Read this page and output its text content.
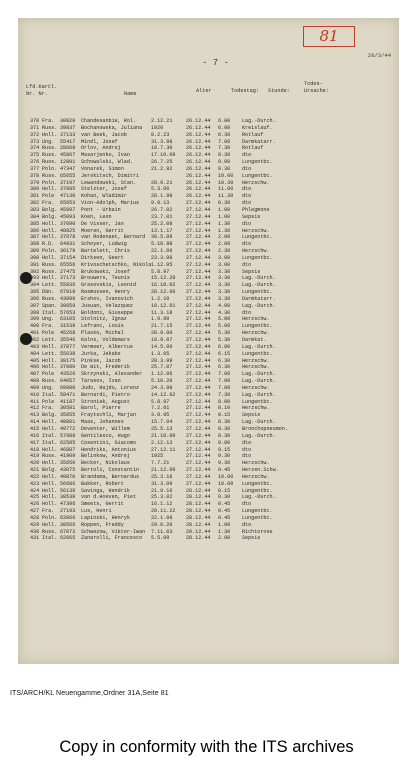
81
- 7 -
26/3/44
Lfd.Kartl.
Nr. Nr.	Name	Alter	Todestag: Stunde:
Todes-
Ursache:
370 Fra.	30820	Chandesanbie, Rol.	2.12.21	26.12.44	6.00	Lag.-Durch.
371 Russ. 39837	Bochanowska, Juliana	1920	26.12.44	6.00	Kreislauf.
372 Holl. 37133	van Beek, Jacob	8.2.23	26.12.44	6.30	Rotlauf
373 Ung.	55417	Mindl, Josef	31.3.98	26.12.44	7.00	Darmkatarr.
374 Russ. 28669	Orlov, Andrej	18.7.30	26.12.44	7.30	Rotlauf
375 Russ. 45867	Masarjenko, Ivan	17.10.09	26.12.44	8.30	dto
376 Russ. 12801	Schowalski, Wlad.	26.7.25	26.12.44	9.00	Lungentbc.
377 Poln. 47347	Vonarek, Simon	21.2.92	26.12.44	9.30	dto
378 Russ. 65655	Jerskitsch, Dimitri	26.12.44	10.00	Lungentbc.
379 Poln. 37197	Lewandowski, Stan.	28.9.21	26.12.44	10.30	Herzschw.
380 Holl. 37085	Stelzter, Jozef	5.3.06	26.12.44	11.00	dto
381 Pole	47130	Kohan, Wladimir	28.1.98	26.12.44	11.30	dto
382 Fra.	65653	Vion-Adolph, Marius	9.9.13	27.12.44	0.30	dto
383 Bolg. 45097	Pont - Urbain	26.7.02	27.12.44	1.00	Phlegmone
384 Bolg. 45093	Koen, Leon	23.7.01	27.12.44	1.00	Sepsis
385 Holl. 37090	De Visser, Jan	25.2.08	27.12.44	1.30	dto
386 Holl. 48825	Moeren, Gerrit	13.1.17	27.12.44	1.30	Herzschw.
387 Holl. 37078	van Rodenaet, Bernard	30.5.09	27.12.44	2.00	Lungentbc.
388 R.D.	64931	Schoyer, Ludwig	5.10.88	27.12.44	2.00	dto
389 Poln. 36179	Bartelett, Chris	22.1.06	27.12.44	2.30	Herzschw.
390 Holl. 37154	Dirksen, Geert	23.3.98	27.12.44	3.00	Lungentbc.
391 Russ. 65556	Krivoschetschko, Nikola 1.12.05	27.12.44	3.00	dto
392 Russ. 27475	Brukowski, Josef	5.8.97	27.12.44	3.30	Sepsis
393 Holl. 37173	Brouwers, Teunis	15.12.20	27.12.44	3.30	Lag.-Durch.
394 Lett. 55836	Grasovskis, Leonid	16.10.02	27.12.44	3.30	Lag.-Durch.
395 Dän.	67019	Rasmussen, Henry	28.12.06	27.12.44	3.30	Lungentbc.
396 Russ. 43099	Ershov, Ivanovich	1.2.10	27.12.44	3.30	Darmkatarr.
397 Span. 39659	Jusuan, Velazquez	10.12.01	27.12.44	4.00	Lag.-Durch.
398 Ital. 57653	Boldoni, Giuseppe	11.3.18	27.12.44	4.30	dto
399 Ung.	63105	Stolnitz, Ignaz	1.9.99	27.12.44	5.00	Herzschw.
400 Fra.	31539	Lefranc, Louis	21.7.15	27.12.44	5.00	Lungentbc.
401 Pole	45268	Plasko, Michal	28.9.00	27.12.44	5.30	Herzschw.
402 Lett. 35546	Kalns, Voldemars	10.9.07	27.12.44	5.30	Darmkat.
403 Holl. 37077	Vermeer, Albertus	14.5.00	27.12.44	6.00	Lag.-Durch.
404 Lett. 55638	Jurka, Jekabs	1.3.05	27.12.44	6.15	Lungentbc.
405 Holl. 38175	Pinkse, Jacob	28.3.99	27.12.44	6.30	Herzschw.
406 Holl. 37080	De Wit, Frederik	25.7.07	27.12.44	6.30	Herzschw.
407 Pole	43526	Skrzynski, Alexander	1.12.06	27.12.44	7.00	Lag.-Durch.
408 Russ. 64057	Tarasov, Ivan	5.10.20	27.12.44	7.00	Lag.-Durch.
409 Ung.	69080	Judo, Hajdu, Lorenz	24.3.98	27.12.44	7.00	Herzschw.
410 Ital. 58471	Bernardi, Pietro	14.12.02	27.12.44	7.30	Lag.-Durch.
411 Pole	41187	Stroniak, August	5.8.97	27.12.44	8.00	Lungentbc.
412 Fra.	30581	Barol, Pierre	7.2.01	27.12.44	8.10	Herzschw.
413 Bolg. 35855	Fraytschli, Marjan	3.8.95	27.12.44	8.15	Sepsis
414 Holl. 48801	Maas, Johannes	15.7.04	27.12.44	8.30	Lag.-Durch.
415 Holl. 49772	Deventer, Willem	25.5.13	27.12.44	8.30	Bronchopneumon.
416 Ital. 57988	Gentilesco, Hugo	21.10.00	27.12.44	8.30	Lag.-Durch.
417 Ital. 62585	Cosentini, Giacomo	2.12.13	27.12.44	9.00	dto
418 Holl. 46887	Hendriks, Antonius	27.12.11	27.12.44	9.15	dto
419 Russ. 41909	Belinkow, Andrej	1925	27.12.44	9.30	dto
420 Holl. 35650	Becker, Nikolaus	7.7.21	27.12.44	9.30	Herzschw.
421 Bolg. 43075	Bertoli, Constantin	21.12.00	27.12.44	9.45	Herzen.Schw.
422 Holl. 48870	Brandsma, Bernardus	25.3.16	27.12.44	10.00	Herzschw.
423 Holl. 56686	Bakker, Robert	31.3.09	27.12.44	10.00	Lungentbc.
424 Holl. 56139	Savinga, Hendrik	21.9.16	28.12.44	0.15	Lungentbc.
425 Holl. 38538	van d.Hoeven, Piet	25.3.02	28.12.44	0.30	Lag.-Durch.
426 Holl. 47396	Smeets, Gerrit	16.1.12	28.12.44	0.45	dto
427 Fra.	27193	Lus, Henri	28.11.22	28.12.44	0.45	Lungentbc.
428 Poln. 63966	Lapinski, Henryk	22.1.08	28.12.44	0.45	Lungentbc.
429 Holl. 38566	Roppen, Freddy	29.6.20	28.12.44	1.00	dto
430 Russ. 67073	Schwezow, Viktor-Iwan	7.11.03	28.12.44	1.30	Richtorose
431 Ital. 62665	Zanarolli, Francesco	5.5.09	28.12.44	2.00	Sepsis
ITS/ARCH/KL Neuengamme,Ordner 31A,Seite 81
Copy in conformity with the ITS archives
